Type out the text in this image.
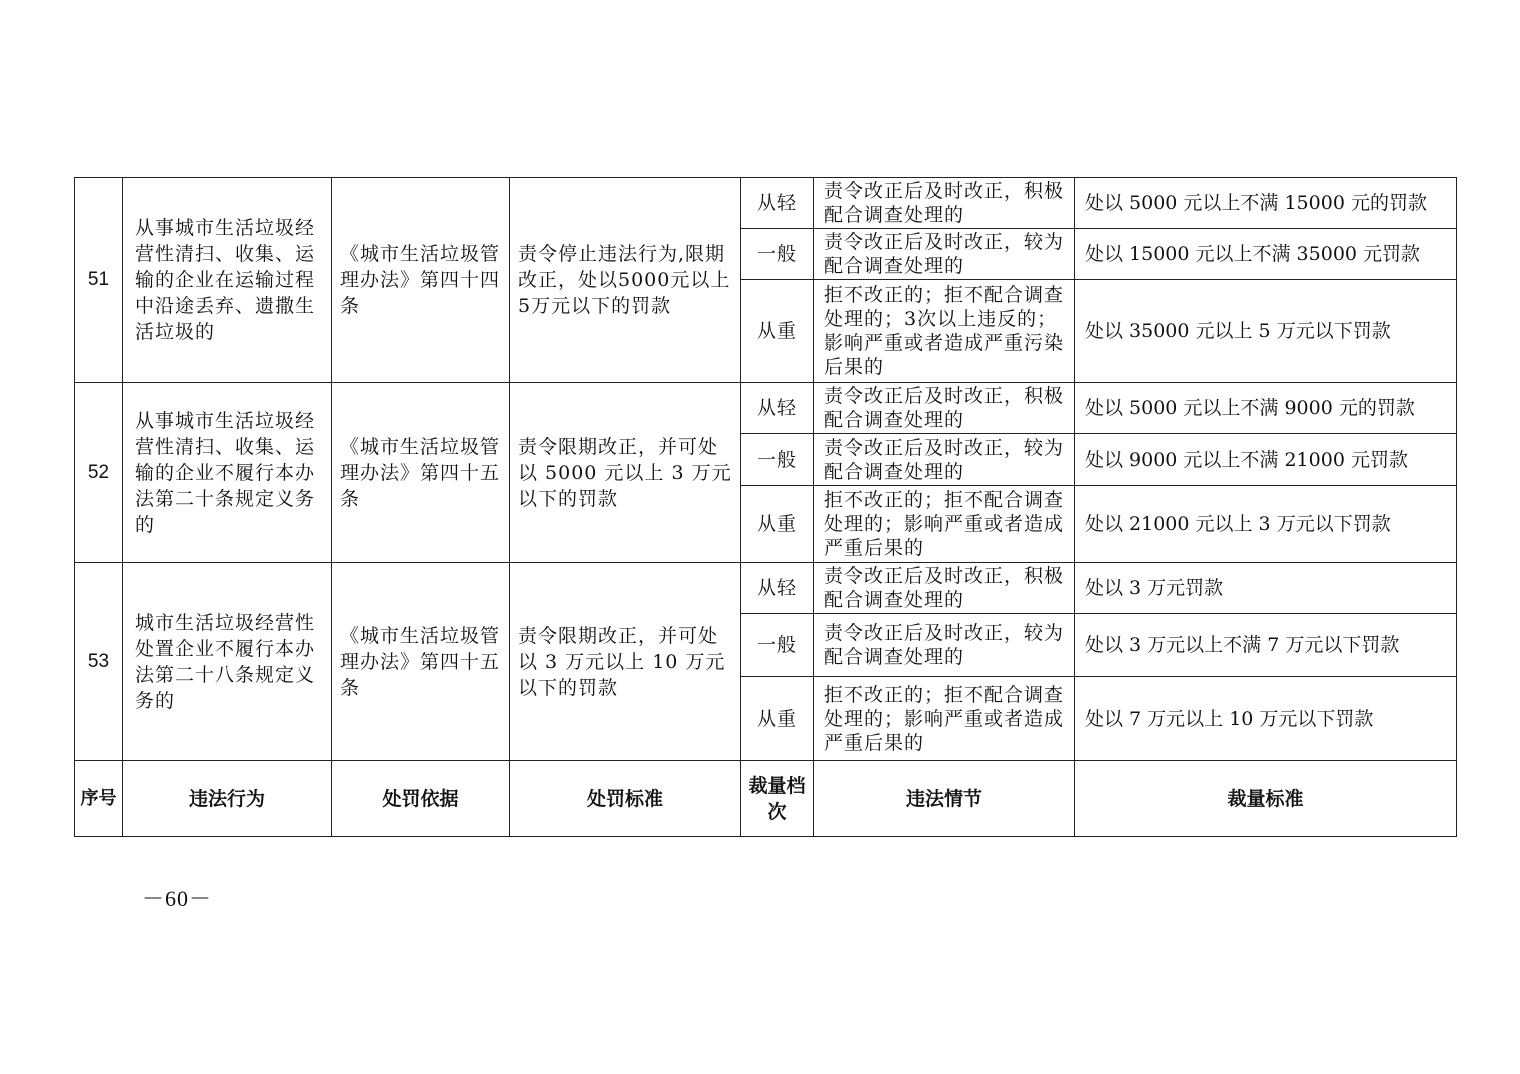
51	从事城市生活垃圾经营性清扫、收集、运输的企业在运输过程中沿途丢弃、遗撒生活垃圾的	《城市生活垃圾管理办法》第四十四条	责令停止违法行为,限期改正，处以5000元以上5万元以下的罚款	从轻	责令改正后及时改正，积极配合调查处理的	处以 5000 元以上不满 15000 元的罚款
				一般	责令改正后及时改正，较为配合调查处理的	处以 15000 元以上不满 35000 元罚款
				从重	拒不改正的；拒不配合调查处理的；3次以上违反的；影响严重或者造成严重污染后果的	处以 35000 元以上 5 万元以下罚款
52	从事城市生活垃圾经营性清扫、收集、运输的企业不履行本办法第二十条规定义务的	《城市生活垃圾管理办法》第四十五条	责令限期改正，并可处以 5000 元以上 3 万元以下的罚款	从轻	责令改正后及时改正，积极配合调查处理的	处以 5000 元以上不满 9000 元的罚款
				一般	责令改正后及时改正，较为配合调查处理的	处以 9000 元以上不满 21000 元罚款
				从重	拒不改正的；拒不配合调查处理的；影响严重或者造成严重后果的	处以 21000 元以上 3 万元以下罚款
53	城市生活垃圾经营性处置企业不履行本办法第二十八条规定义务的	《城市生活垃圾管理办法》第四十五条	责令限期改正，并可处以 3 万元以上 10 万元以下的罚款	从轻	责令改正后及时改正，积极配合调查处理的	处以 3 万元罚款
				一般	责令改正后及时改正，较为配合调查处理的	处以 3 万元以上不满 7 万元以下罚款
				从重	拒不改正的；拒不配合调查处理的；影响严重或者造成严重后果的	处以 7 万元以上 10 万元以下罚款
序号	违法行为	处罚依据	处罚标准	裁量档次	违法情节	裁量标准
－60－
